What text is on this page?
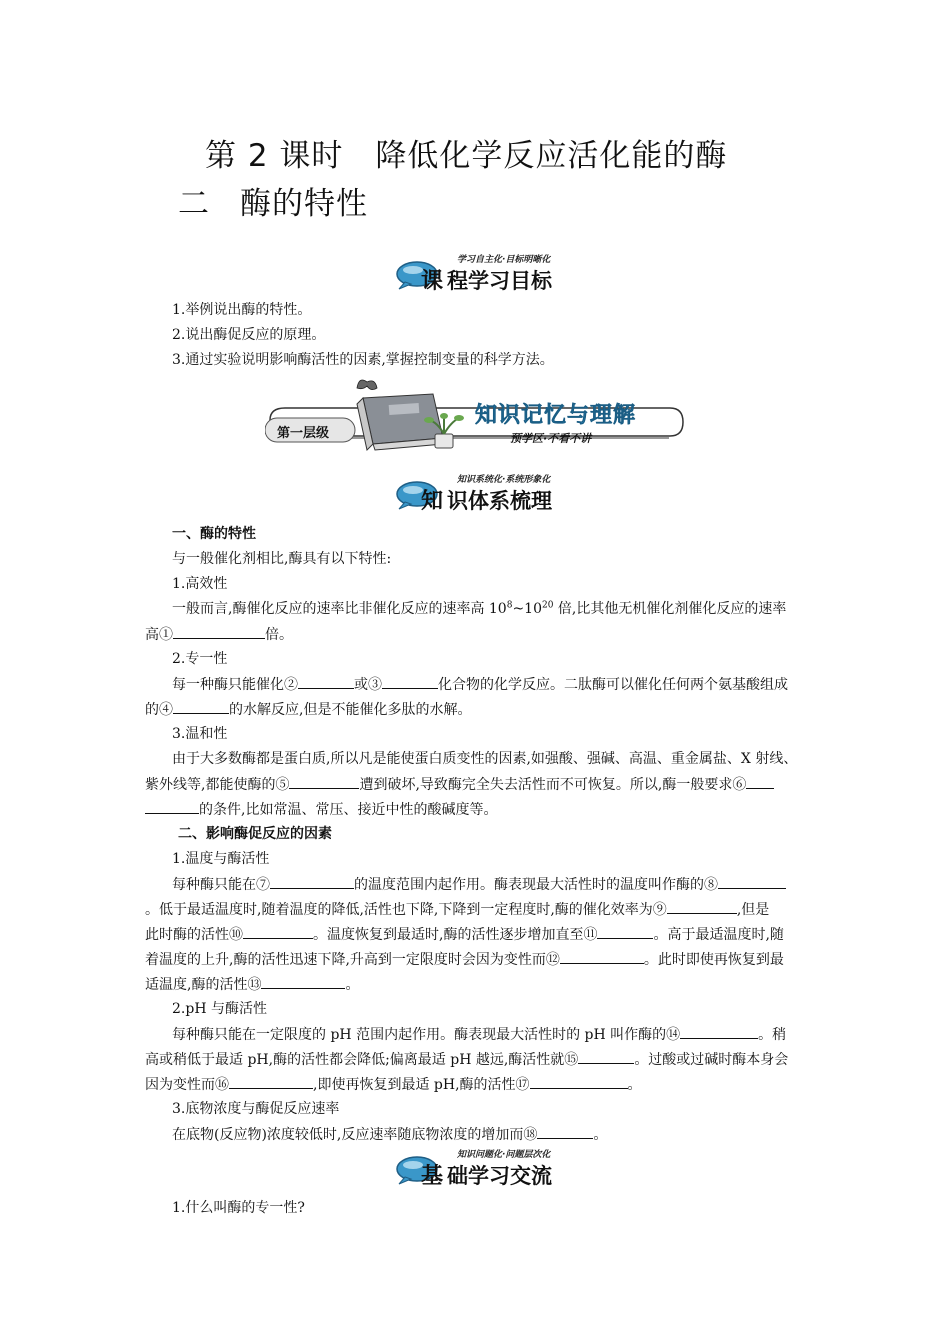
第 2 课时　降低化学反应活化能的酶
二 酶的特性
学习自主化·目标明晰化
课 程学习目标
1.举例说出酶的特性。
2.说出酶促反应的原理。
3.通过实验说明影响酶活性的因素,掌握控制变量的科学方法。
第一层级
知识记忆与理解
预学区·不看不讲
知识系统化·系统形象化
知 识体系梳理
一、酶的特性
与一般催化剂相比,酶具有以下特性:
1.高效性
一般而言,酶催化反应的速率比非催化反应的速率高 $10^8\sim 10^{20}$ 倍,比其他无机催化剂催化反应的速率
高①	倍。
2.专一性
每一种酶只能催化②	或③	化合物的化学反应。二肽酶可以催化任何两个氨基酸组成
的④	的水解反应,但是不能催化多肽的水解。
3.温和性
由于大多数酶都是蛋白质,所以凡是能使蛋白质变性的因素,如强酸、强碱、高温、重金属盐、X 射线、
紫外线等,都能使酶的⑤	遭到破坏,导致酶完全失去活性而不可恢复。所以,酶一般要求⑥
的条件,比如常温、常压、接近中性的酸碱度等。
二、影响酶促反应的因素
1.温度与酶活性
每种酶只能在⑦	的温度范围内起作用。酶表现最大活性时的温度叫作酶的⑧
。低于最适温度时,随着温度的降低,活性也下降,下降到一定程度时,酶的催化效率为⑨	,但是
此时酶的活性⑩	。温度恢复到最适时,酶的活性逐步增加直至⑪	。高于最适温度时,随
着温度的上升,酶的活性迅速下降,升高到一定限度时会因为变性而⑫	。此时即使再恢复到最
适温度,酶的活性⑬	。
2.pH 与酶活性
每种酶只能在一定限度的 pH 范围内起作用。酶表现最大活性时的 pH 叫作酶的⑭	。稍
高或稍低于最适 pH,酶的活性都会降低;偏离最适 pH 越远,酶活性就⑮	。过酸或过碱时酶本身会
因为变性而⑯	,即使再恢复到最适 pH,酶的活性⑰	。
3.底物浓度与酶促反应速率
在底物(反应物)浓度较低时,反应速率随底物浓度的增加而⑱	。
知识问题化·问题层次化
基 础学习交流
1.什么叫酶的专一性?
